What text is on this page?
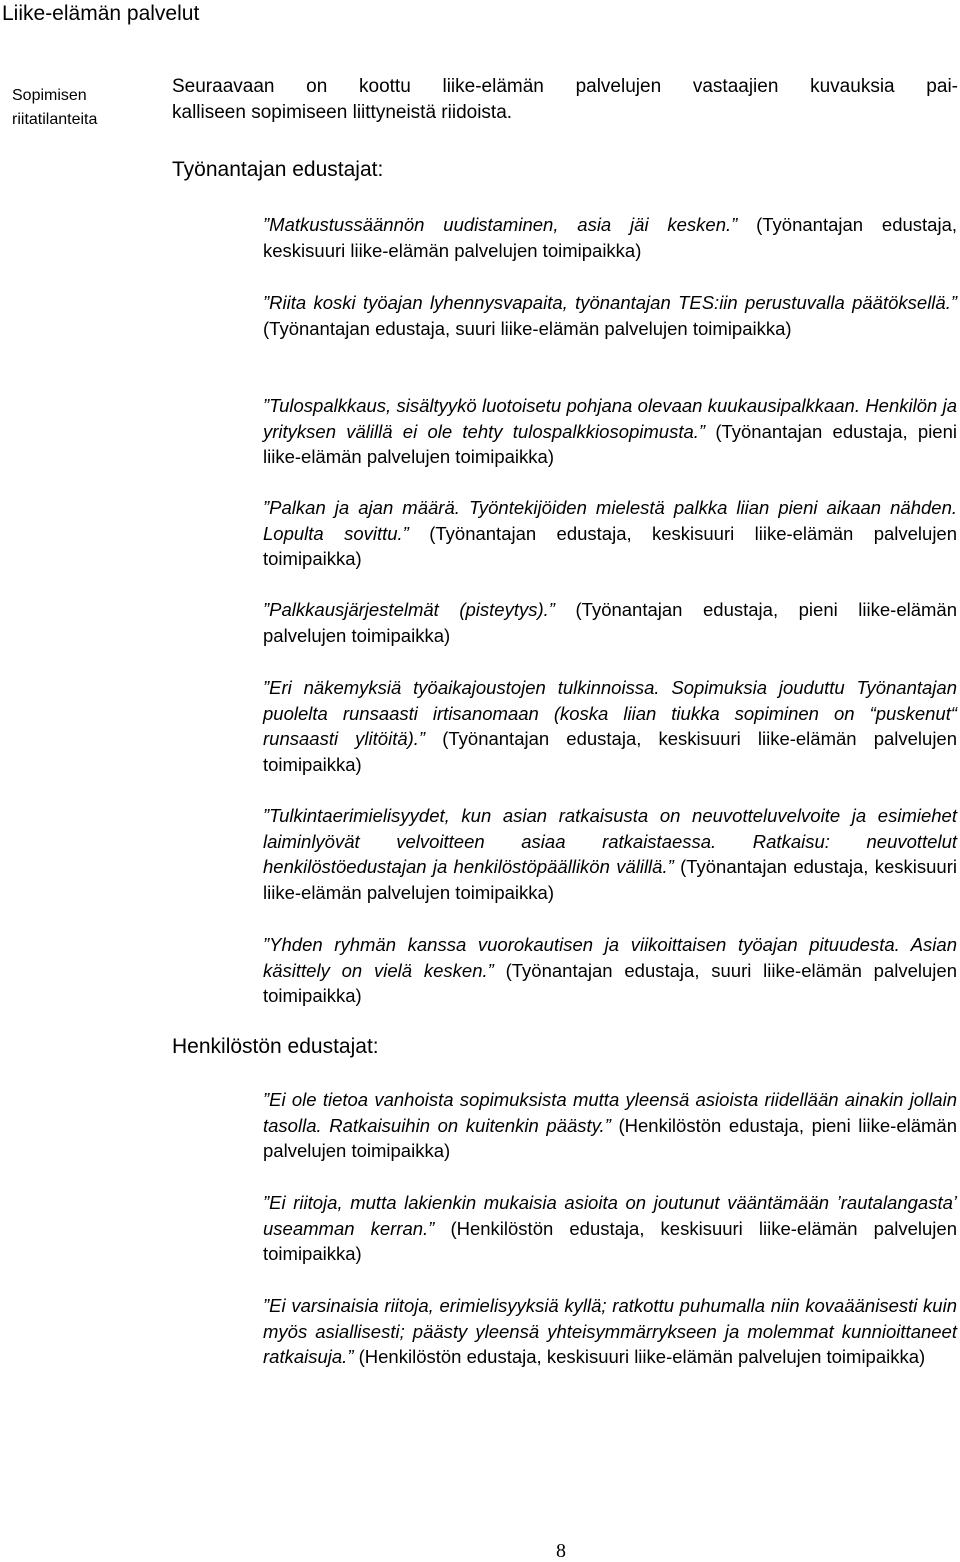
Liike-elämän palvelut
Sopimisen
riitatilanteita

Seuraavaan on koottu liike-elämän palvelujen vastaajien kuvauksia pai-

kalliseen sopimiseen liittyneistä riidoista.

Työnantajan edustajat:

”Matkustussäännön uudistaminen, asia jäi kesken.” (Työnantajan edustaja, keskisuuri liike-elämän palvelujen toimipaikka)

”Riita koski työajan lyhennysvapaita, työnantajan TES:iin perustuvalla päätöksellä.” (Työnantajan edustaja, suuri liike-elämän palvelujen toimipaikka)

”Tulospalkkaus, sisältyykö luotoisetu pohjana olevaan kuukausipalkkaan. Henkilön ja yrityksen välillä ei ole tehty tulospalkkiosopimusta.” (Työnantajan edustaja, pieni liike-elämän palvelujen toimipaikka)

”Palkan ja ajan määrä. Työntekijöiden mielestä palkka liian pieni aikaan nähden. Lopulta sovittu.” (Työnantajan edustaja, keskisuuri liike-elämän palvelujen toimipaikka)

”Palkkausjärjestelmät (pisteytys).” (Työnantajan edustaja, pieni liike-elämän palvelujen toimipaikka)

”Eri näkemyksiä työaikajoustojen tulkinnoissa. Sopimuksia jouduttu Työnantajan puolelta runsaasti irtisanomaan (koska liian tiukka sopiminen on “puskenut“ runsaasti ylitöitä).” (Työnantajan edustaja, keskisuuri liike-elämän palvelujen toimipaikka)

”Tulkintaerimielisyydet, kun asian ratkaisusta on neuvotteluvelvoite ja esimiehet laiminlyövät velvoitteen asiaa ratkaistaessa. Ratkaisu: neuvottelut henkilöstöedustajan ja henkilöstöpäällikön välillä.” (Työnantajan edustaja, keskisuuri liike-elämän palvelujen toimipaikka)

”Yhden ryhmän kanssa vuorokautisen ja viikoittaisen työajan pituudesta. Asian käsittely on vielä kesken.” (Työnantajan edustaja, suuri liike-elämän palvelujen toimipaikka)

Henkilöstön edustajat:

”Ei ole tietoa vanhoista sopimuksista mutta yleensä asioista riidellään ainakin jollain tasolla. Ratkaisuihin on kuitenkin päästy.” (Henkilöstön edustaja, pieni liike-elämän palvelujen toimipaikka)

”Ei riitoja, mutta lakienkin mukaisia asioita on joutunut vääntämään ’rautalangasta’ useamman kerran.” (Henkilöstön edustaja, keskisuuri liike-elämän palvelujen toimipaikka)

”Ei varsinaisia riitoja, erimielisyyksiä kyllä; ratkottu puhumalla niin kovaäänisesti kuin myös asiallisesti; päästy yleensä yhteisymmärrykseen ja molemmat kunnioittaneet ratkaisuja.” (Henkilöstön edustaja, keskisuuri liike-elämän palvelujen toimipaikka)

8
